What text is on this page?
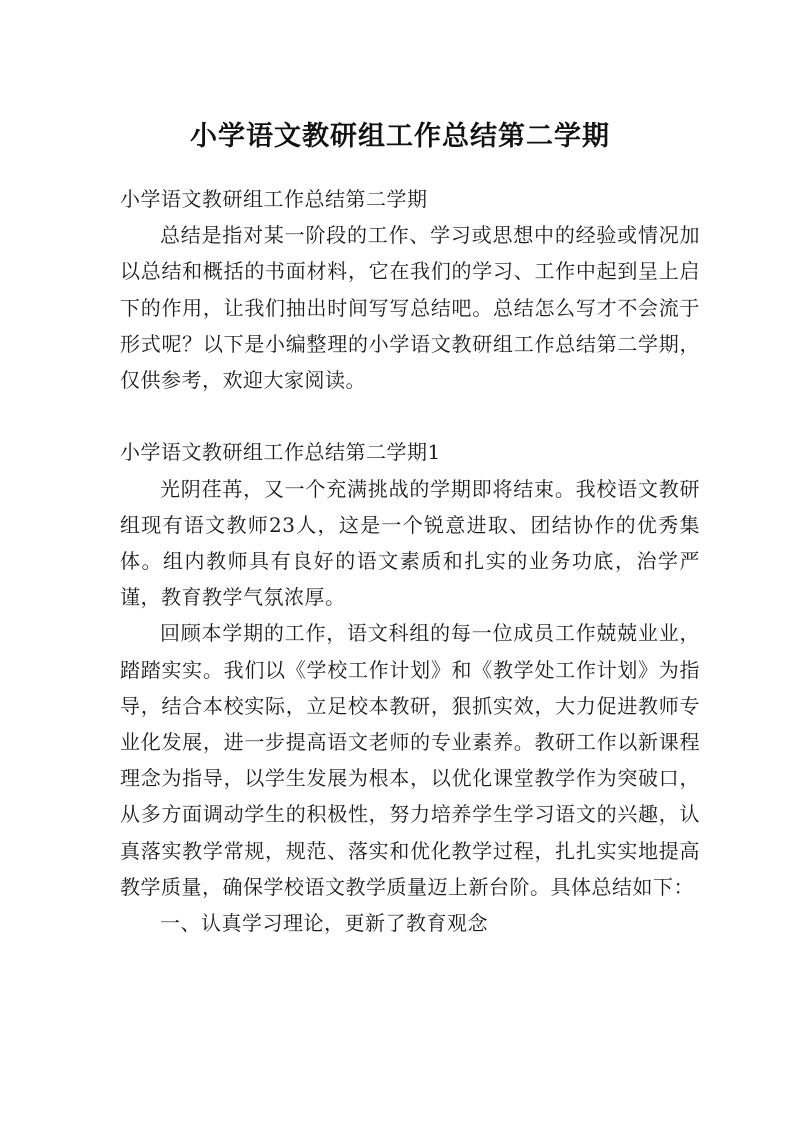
小学语文教研组工作总结第二学期

小学语文教研组工作总结第二学期

总结是指对某一阶段的工作、学习或思想中的经验或情况加以总结和概括的书面材料，它在我们的学习、工作中起到呈上启下的作用，让我们抽出时间写写总结吧。总结怎么写才不会流于形式呢？以下是小编整理的小学语文教研组工作总结第二学期，仅供参考，欢迎大家阅读。

小学语文教研组工作总结第二学期1

光阴荏苒，又一个充满挑战的学期即将结束。我校语文教研组现有语文教师23人，这是一个锐意进取、团结协作的优秀集体。组内教师具有良好的语文素质和扎实的业务功底，治学严谨，教育教学气氛浓厚。

回顾本学期的工作，语文科组的每一位成员工作兢兢业业，踏踏实实。我们以《学校工作计划》和《教学处工作计划》为指导，结合本校实际，立足校本教研，狠抓实效，大力促进教师专业化发展，进一步提高语文老师的专业素养。教研工作以新课程理念为指导，以学生发展为根本，以优化课堂教学作为突破口，从多方面调动学生的积极性，努力培养学生学习语文的兴趣，认真落实教学常规，规范、落实和优化教学过程，扎扎实实地提高教学质量，确保学校语文教学质量迈上新台阶。具体总结如下：

一、认真学习理论，更新了教育观念
